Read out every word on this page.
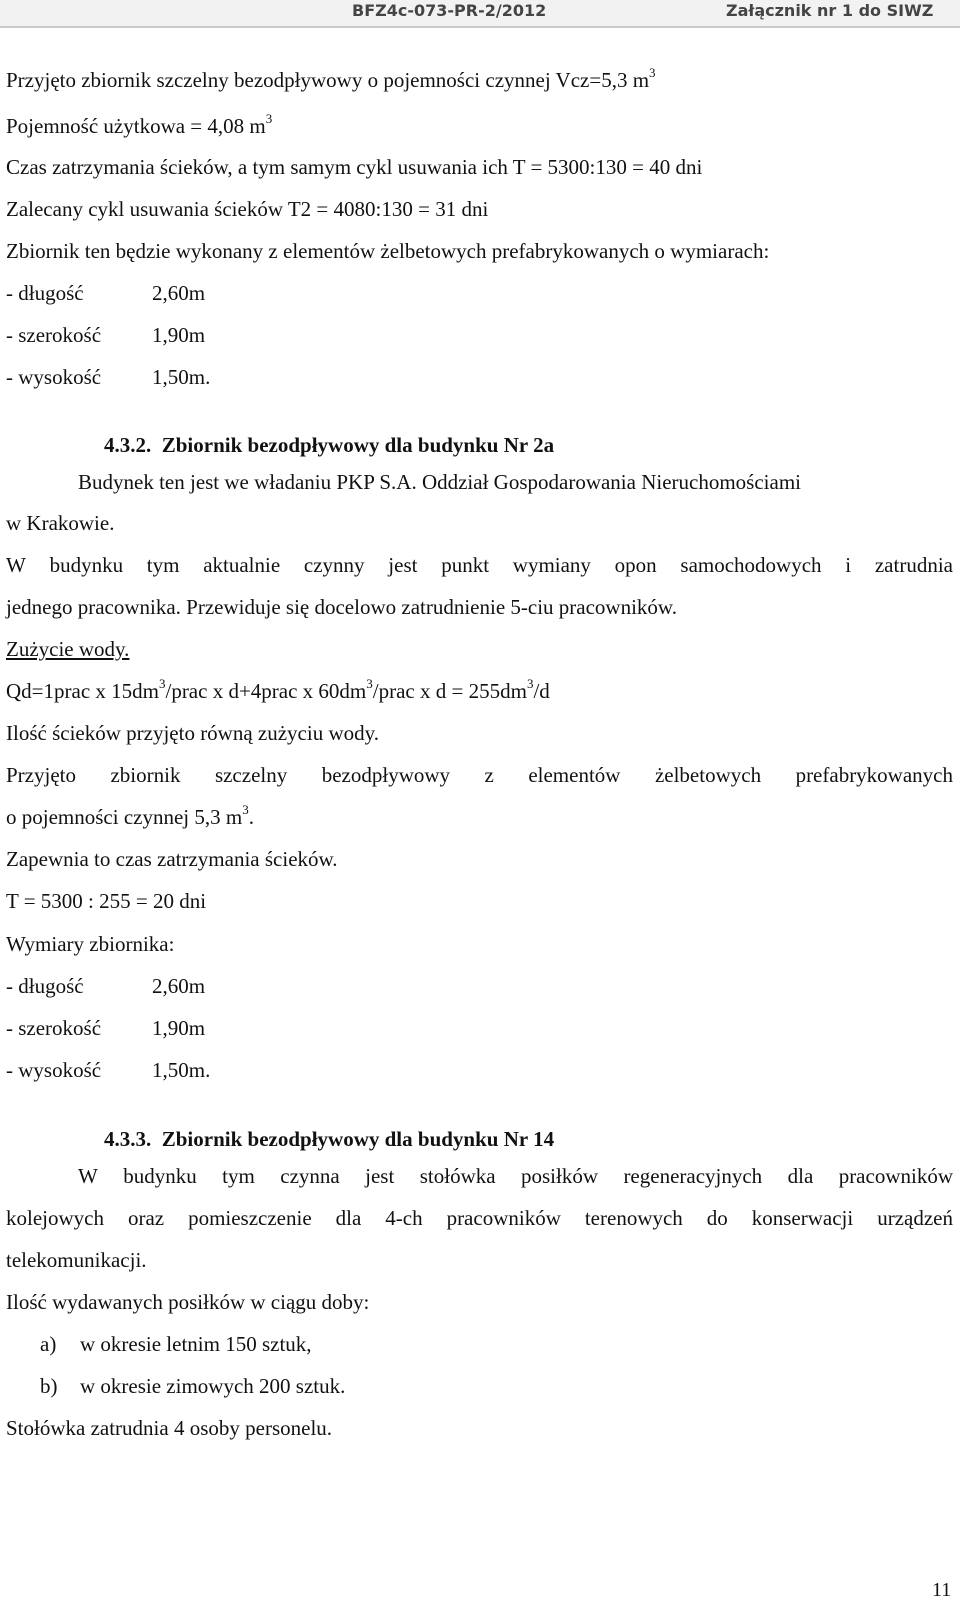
BFZ4c-073-PR-2/2012	Załącznik nr 1 do SIWZ
Przyjęto zbiornik szczelny bezodpływowy o pojemności czynnej Vcz=5,3 $m^3$
Pojemność użytkowa = 4,08 $m^3$
Czas zatrzymania ścieków, a tym samym cykl usuwania ich T = 5300:130 = 40 dni
Zalecany cykl usuwania ścieków T2 = 4080:130 = 31 dni
Zbiornik ten będzie wykonany z elementów żelbetowych prefabrykowanych o wymiarach:
- długość	2,60m
- szerokość 1,90m
- wysokość 1,50m.
4.3.2.  Zbiornik bezodpływowy dla budynku Nr 2a
Budynek ten jest we władaniu PKP S.A. Oddział Gospodarowania Nieruchomościami
w Krakowie.
W budynku tym aktualnie czynny jest punkt wymiany opon samochodowych i zatrudnia
jednego pracownika. Przewiduje się docelowo zatrudnienie 5-ciu pracowników.
Zużycie wody.
Qd=1prac x $15dm^3$/prac x d+4prac x $60dm^3$/prac x $d = 255dm^3/d$
Ilość ścieków przyjęto równą zużyciu wody.
Przyjęto zbiornik szczelny bezodpływowy z elementów żelbetowych prefabrykowanych
o pojemności czynnej 5,3 $m^3$.
Zapewnia to czas zatrzymania ścieków.
T = 5300 : 255 = 20 dni
Wymiary zbiornika:
- długość	2,60m
- szerokość 1,90m
- wysokość 1,50m.
4.3.3.  Zbiornik bezodpływowy dla budynku Nr 14
W budynku tym czynna jest stołówka posiłków regeneracyjnych dla pracowników
kolejowych oraz pomieszczenie dla 4-ch pracowników terenowych do konserwacji urządzeń
telekomunikacji.
Ilość wydawanych posiłków w ciągu doby:
a) w okresie letnim 150 sztuk,
b) w okresie zimowych 200 sztuk.
Stołówka zatrudnia 4 osoby personelu.
11
